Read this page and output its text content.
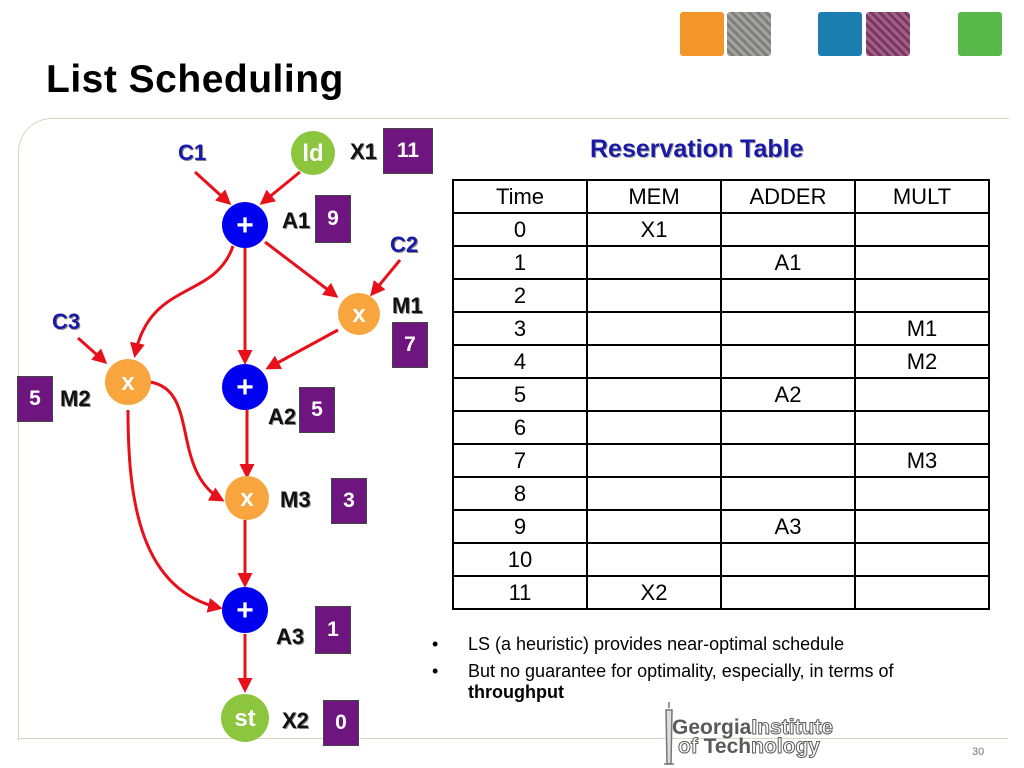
List Scheduling
ld
+
x
x	+
x
+
st
C1
C2
C3
X1
A1
M1
M2
A2
M3
A3
X2
11
9
7
5	5
3
1
0
Reservation Table
Time	MEM	ADDER	MULT
0	X1		
1		A1	
2			
3			M1
4			M2
5		A2	
6			
7			M3
8			
9		A3	
10			
11	X2		
• LS (a heuristic) provides near-optimal schedule
• But no guarantee for optimality, especially, in terms of
throughput
GeorgiaInstitute
of Technology	30
